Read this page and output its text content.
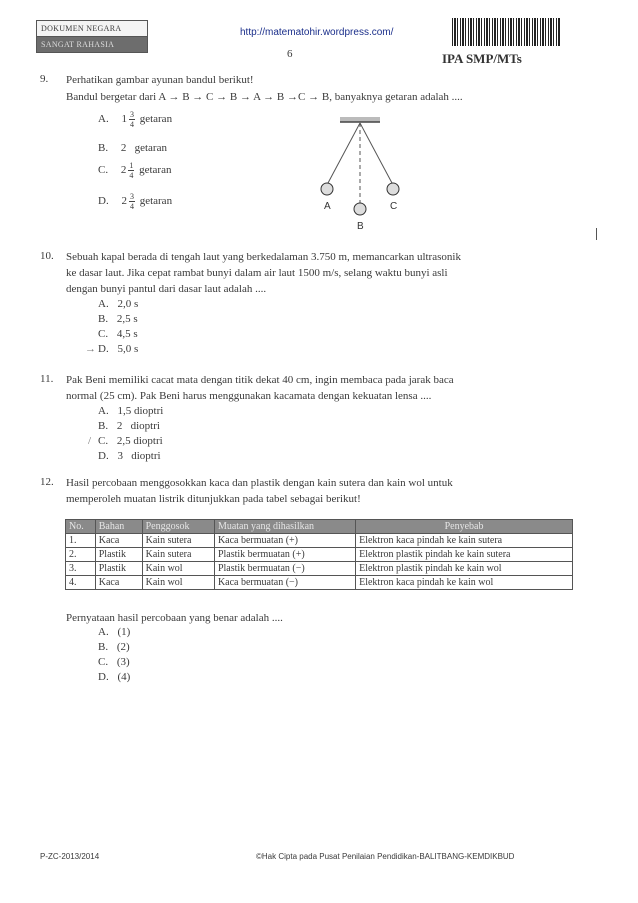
DOKUMEN NEGARA
SANGAT RAHASIA
http://matematohir.wordpress.com/
6	IPA SMP/MTs
9. Perhatikan gambar ayunan bandul berikut!
Bandul bergetar dari A → B → C → B → A → B →C → B, banyaknya getaran adalah ....
A. $1 \frac{3}{4}$ getaran
B. 2   getaran
C. $2 \frac{1}{4}$ getaran
D. $2 \frac{3}{4}$ getaran	A
B
C
10. Sebuah kapal berada di tengah laut yang berkedalaman 3.750 m, memancarkan ultrasonik
ke dasar laut. Jika cepat rambat bunyi dalam air laut 1500 m/s, selang waktu bunyi asli
dengan bunyi pantul dari dasar laut adalah ....
A. 2,0 s
B. 2,5 s
C. 4,5 s
→ D. 5,0 s
11. Pak Beni memiliki cacat mata dengan titik dekat 40 cm, ingin membaca pada jarak baca
normal (25 cm). Pak Beni harus menggunakan kacamata dengan kekuatan lensa ....
A. 1,5 dioptri
B. 2   dioptri
/ C. 2,5 dioptri
D. 3   dioptri
12. Hasil percobaan menggosokkan kaca dan plastik dengan kain sutera dan kain wol untuk
memperoleh muatan listrik ditunjukkan pada tabel sebagai berikut!
No.	Bahan	Penggosok	Muatan yang dihasilkan	Penyebab
1.	Kaca	Kain sutera	Kaca bermuatan (+)	Elektron kaca pindah ke kain sutera
2.	Plastik	Kain sutera	Plastik bermuatan (+)	Elektron plastik pindah ke kain sutera
3.	Plastik	Kain wol	Plastik bermuatan (−)	Elektron plastik pindah ke kain wol
4.	Kaca	Kain wol	Kaca bermuatan (−)	Elektron kaca pindah ke kain wol
Pernyataan hasil percobaan yang benar adalah ....
A. (1)
B. (2)
C. (3)
D. (4)
P-ZC-2013/2014	©Hak Cipta pada Pusat Penilaian Pendidikan-BALITBANG-KEMDIKBUD
